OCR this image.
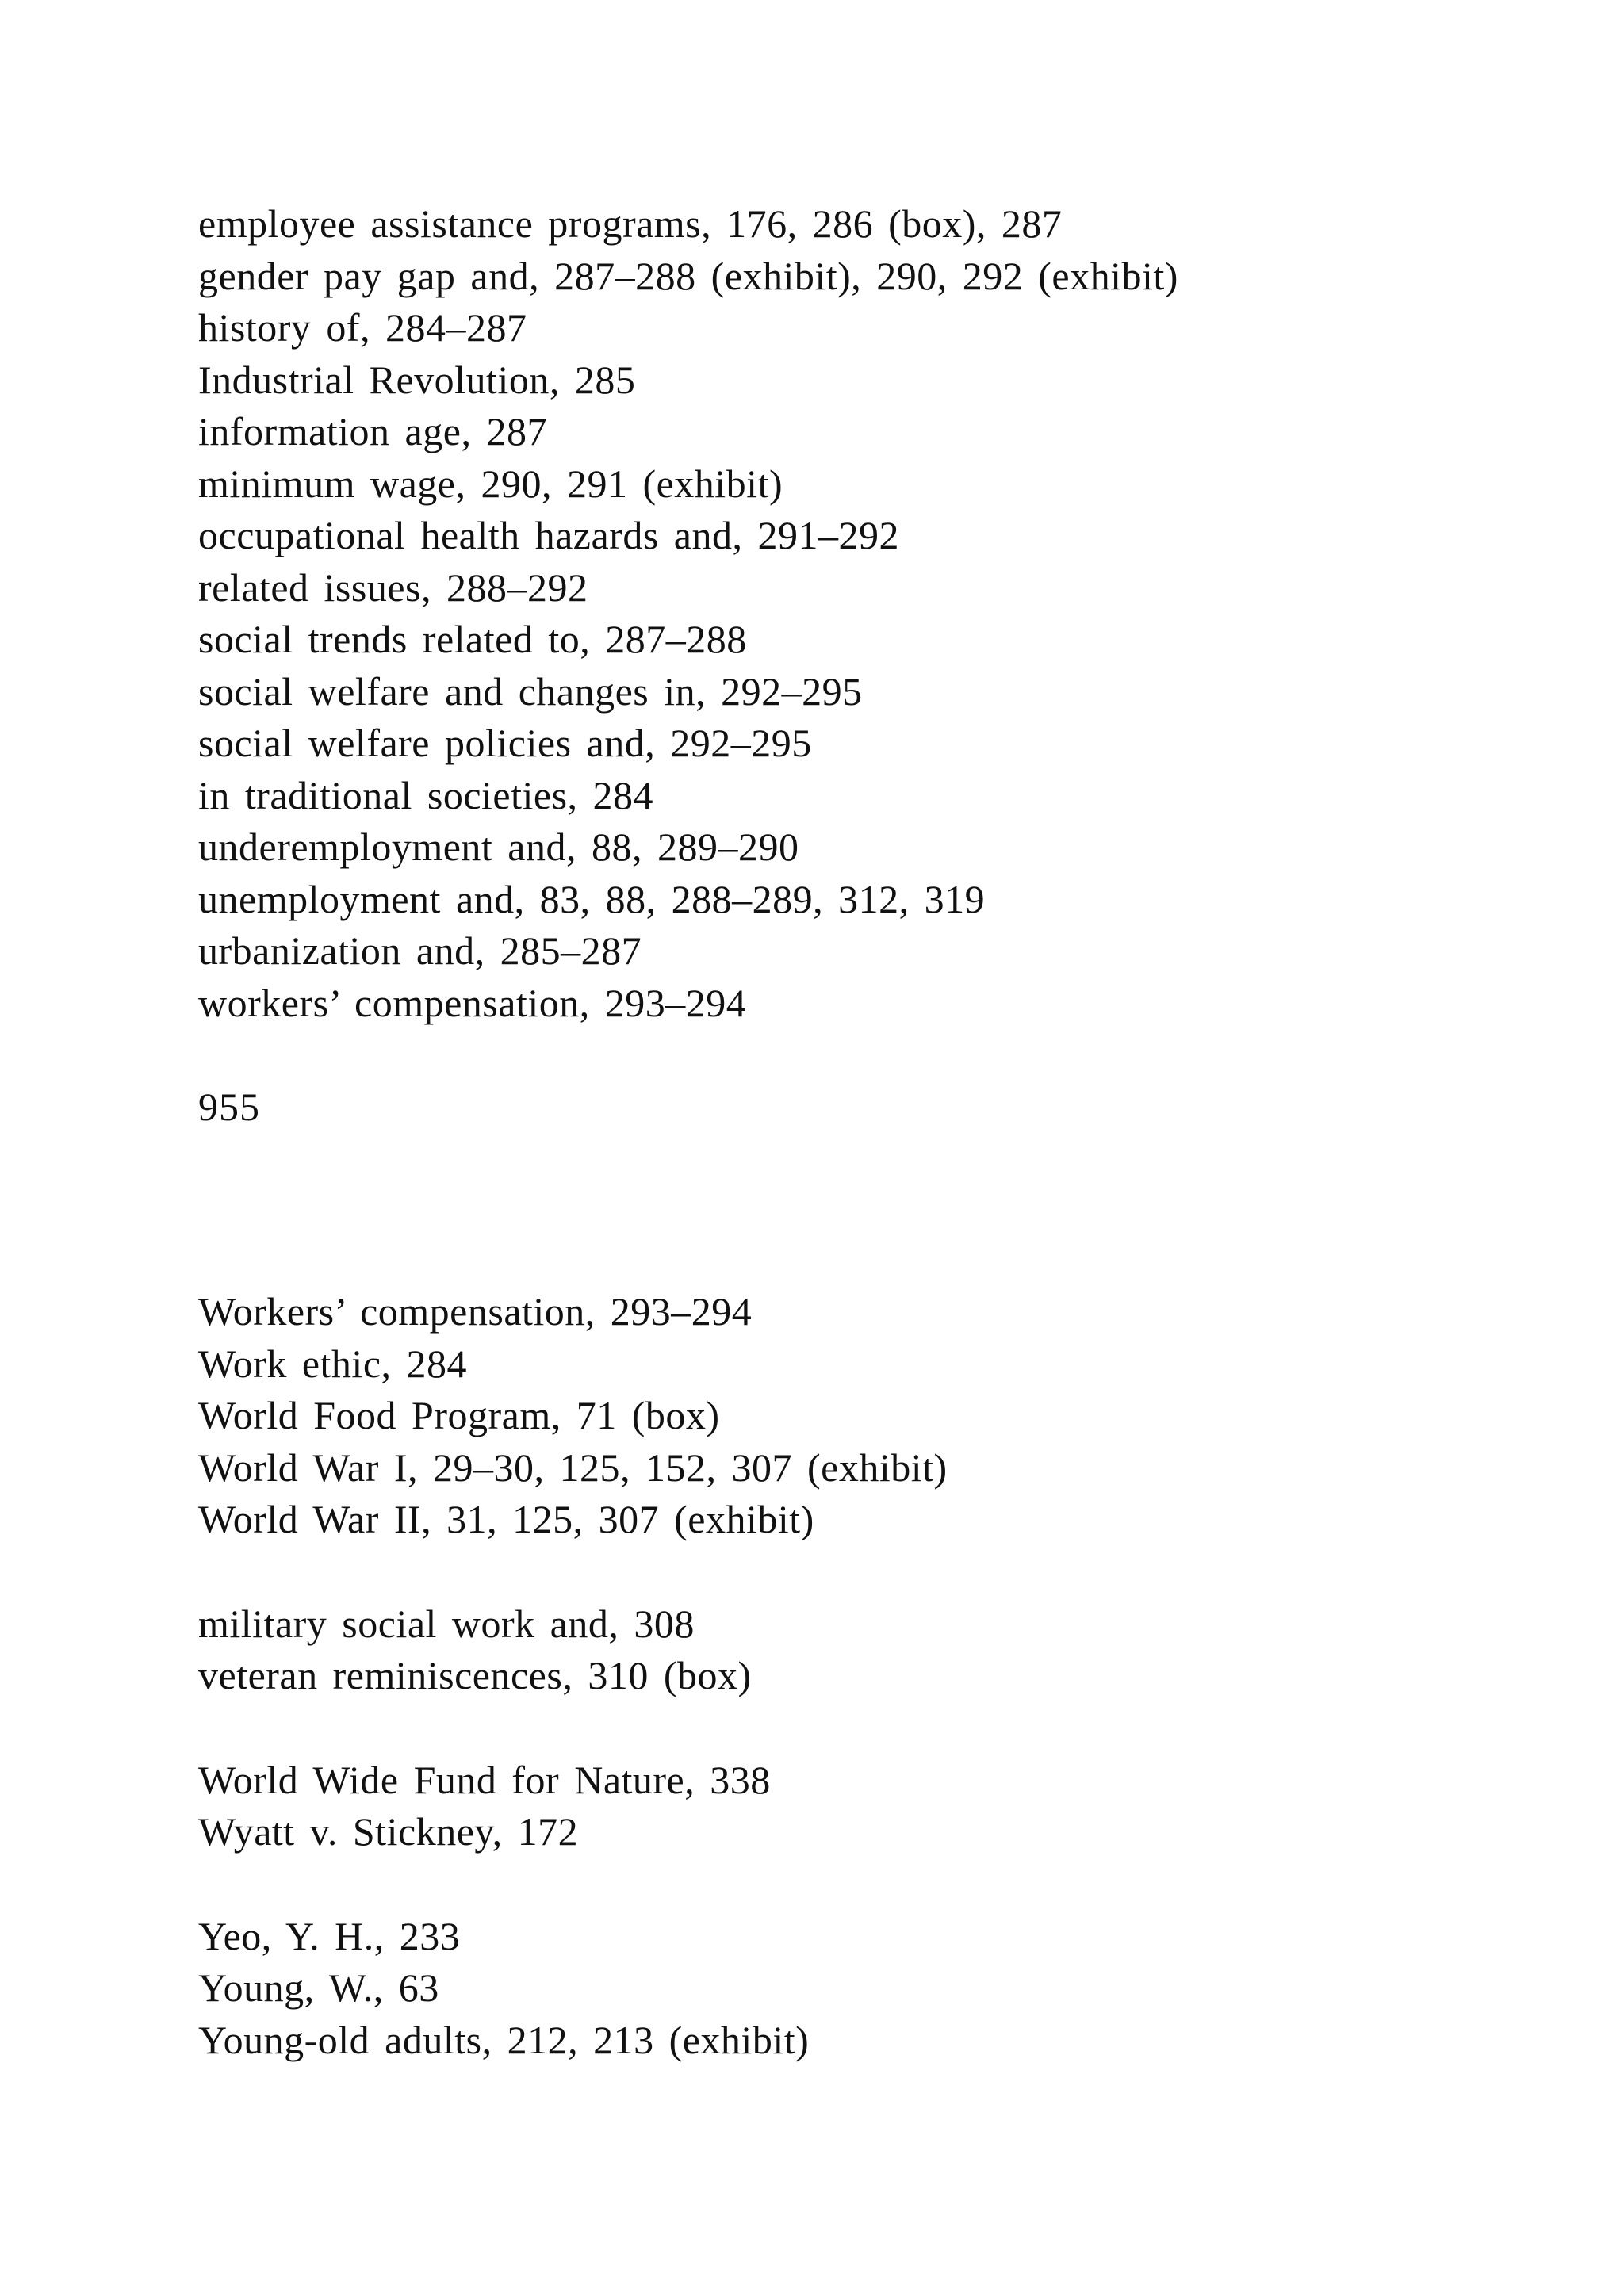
employee assistance programs, 176, 286 (box), 287
gender pay gap and, 287–288 (exhibit), 290, 292 (exhibit)
history of, 284–287
Industrial Revolution, 285
information age, 287
minimum wage, 290, 291 (exhibit)
occupational health hazards and, 291–292
related issues, 288–292
social trends related to, 287–288
social welfare and changes in, 292–295
social welfare policies and, 292–295
in traditional societies, 284
underemployment and, 88, 289–290
unemployment and, 83, 88, 288–289, 312, 319
urbanization and, 285–287
workers’ compensation, 293–294
955
Workers’ compensation, 293–294
Work ethic, 284
World Food Program, 71 (box)
World War I, 29–30, 125, 152, 307 (exhibit)
World War II, 31, 125, 307 (exhibit)
military social work and, 308
veteran reminiscences, 310 (box)
World Wide Fund for Nature, 338
Wyatt v. Stickney, 172
Yeo, Y. H., 233
Young, W., 63
Young-old adults, 212, 213 (exhibit)
